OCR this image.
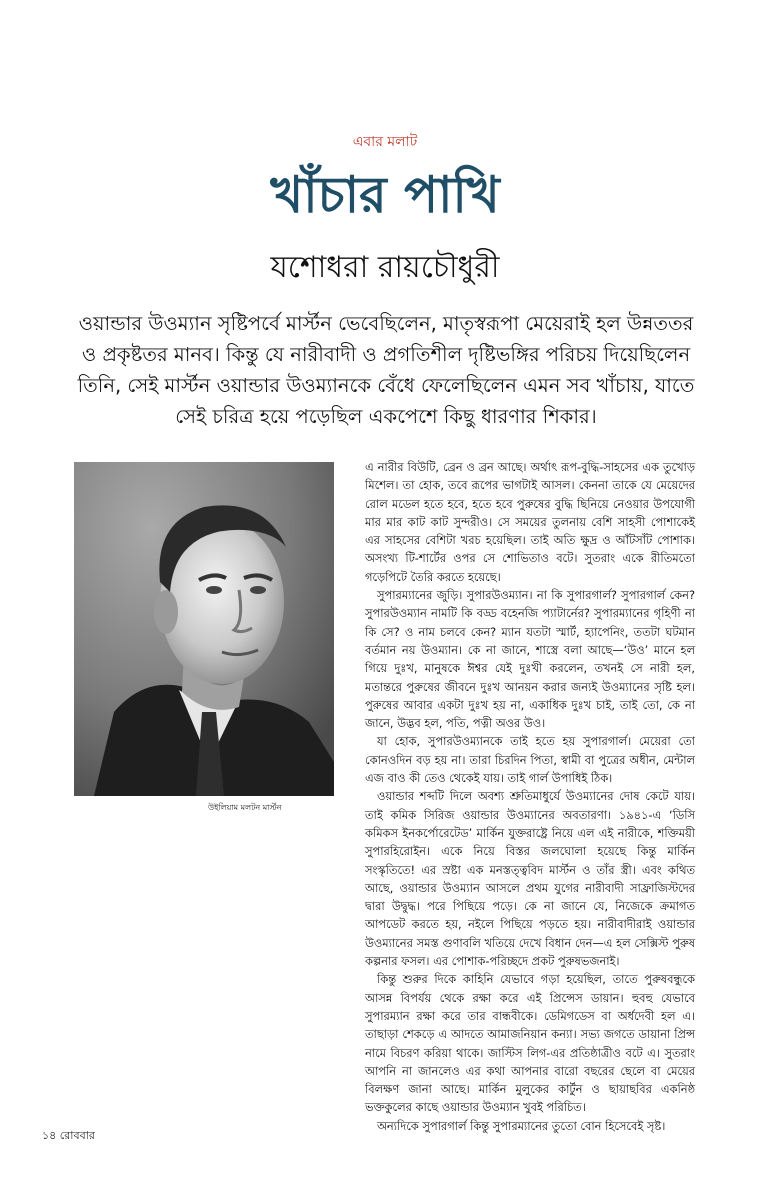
এবার মলাট
খাঁচার পাখি
যশোধরা রায়চৌধুরী

ওয়ান্ডার উওম্যান সৃষ্টিপর্বে মার্স্টন ভেবেছিলেন, মাতৃস্বরূপা মেয়েরাই হল উন্নততর ও প্রকৃষ্টতর মানব। কিন্তু যে নারীবাদী ও প্রগতিশীল দৃষ্টিভঙ্গির পরিচয় দিয়েছিলেন তিনি, সেই মার্স্টন ওয়ান্ডার উওম্যানকে বেঁধে ফেলেছিলেন এমন সব খাঁচায়, যাতে সেই চরিত্র হয়ে পড়েছিল একপেশে কিছু ধারণার শিকার।

উইলিয়াম মলটন মার্স্টন

এ নারীর বিউটি, ব্রেন ও ব্রন আছে। অর্থাৎ রূপ-বুদ্ধি-সাহসের এক তুখোড় মিশেল। তা হোক, তবে রূপের ভাগটাই আসল। কেননা তাকে যে মেয়েদের রোল মডেল হতে হবে, হতে হবে পুরুষের বুদ্ধি ছিনিয়ে নেওয়ার উপযোগী মার মার কাট কাট সুন্দরীও। সে সময়ের তুলনায় বেশি সাহসী পোশাকেই এর সাহসের বেশিটা খরচ হয়েছিল। তাই অতি ক্ষুদ্র ও আঁটসাঁট পোশাক। অসংখ্য টি-শার্টের ওপর সে শোভিতাও বটে। সুতরাং একে রীতিমতো গড়েপিটে তৈরি করতে হয়েছে।

সুপারম্যানের জুড়ি। সুপারউওম্যান। না কি সুপারগার্ল? সুপারগার্ল কেন? সুপারউওম্যান নামটি কি বড্ড বহেনজি প্যাটার্নের? সুপারম্যানের গৃহিণী না কি সে? ও নাম চলবে কেন? ম্যান যতটা স্মার্ট, হ্যাপেনিং, ততটা ঘটমান বর্তমান নয় উওম্যান। কে না জানে, শাস্ত্রে বলা আছে—‘উও’ মানে হল গিয়ে দুঃখ, মানুষকে ঈশ্বর যেই দুঃখী করলেন, তখনই সে নারী হল, মতান্তরে পুরুষের জীবনে দুঃখ আনয়ন করার জন্যই উওম্যানের সৃষ্টি হল। পুরুষের আবার একটা দুঃখ হয় না, একাধিক দুঃখ চাই, তাই তো, কে না জানে, উদ্ভব হল, পতি, পত্নী অওর উও।

যা হোক, সুপারউওম্যানকে তাই হতে হয় সুপারগার্ল। মেয়েরা তো কোনওদিন বড় হয় না। তারা চিরদিন পিতা, স্বামী বা পুত্রের অধীন, মেন্টাল এজ বাও কী তেও থেকেই যায়। তাই গার্ল উপাধিই ঠিক।

ওয়ান্ডার শব্দটি দিলে অবশ্য শ্রুতিমাধুর্যে উওম্যানের দোষ কেটে যায়। তাই কমিক সিরিজ ওয়ান্ডার উওম্যানের অবতারণা। ১৯৪১-এ ‘ডিসি কমিকস ইনকর্পোরেটেড’ মার্কিন যুক্তরাষ্ট্রে নিয়ে এল এই নারীকে, শক্তিময়ী সুপারহিরোইন। একে নিয়ে বিস্তর জলঘোলা হয়েছে কিন্তু মার্কিন সংস্কৃতিতে! এর স্রষ্টা এক মনস্তত্ত্ববিদ মার্স্টন ও তাঁর স্ত্রী। এবং কথিত আছে, ওয়ান্ডার উওম্যান আসলে প্রথম যুগের নারীবাদী সাফ্রাজিস্টদের দ্বারা উদ্বুদ্ধ। পরে পিছিয়ে পড়ে। কে না জানে যে, নিজেকে ক্রমাগত আপডেট করতে হয়, নইলে পিছিয়ে পড়তে হয়। নারীবাদীরাই ওয়ান্ডার উওম্যানের সমস্ত গুণাবলি খতিয়ে দেখে বিধান দেন—এ হল সেক্সিস্ট পুরুষ কল্পনার ফসল। এর পোশাক-পরিচ্ছদে প্রকট পুরুষভজনাই।

কিন্তু শুরুর দিকে কাহিনি যেভাবে গড়া হয়েছিল, তাতে পুরুষবন্ধুকে আসন্ন বিপর্যয় থেকে রক্ষা করে এই প্রিন্সেস ডায়ান। হুবহু যেভাবে সুপারম্যান রক্ষা করে তার বান্ধবীকে। ডেমিগডেস বা অর্ধদেবী হল এ। তাছাড়া শেকড়ে এ আদতে আমাজনিয়ান কন্যা। সভ্য জগতে ডায়ানা প্রিন্স নামে বিচরণ করিয়া থাকে। জাস্টিস লিগ-এর প্রতিষ্ঠাত্রীও বটে এ। সুতরাং আপনি না জানলেও এর কথা আপনার বারো বছরের ছেলে বা মেয়ের বিলক্ষণ জানা আছে। মার্কিন মুলুকের কার্টুন ও ছায়াছবির একনিষ্ঠ ভক্তকুলের কাছে ওয়ান্ডার উওম্যান খুবই পরিচিত।

অন্যদিকে সুপারগার্ল কিন্তু সুপারম্যানের তুতো বোন হিসেবেই সৃষ্ট।

১৪ রোববার
